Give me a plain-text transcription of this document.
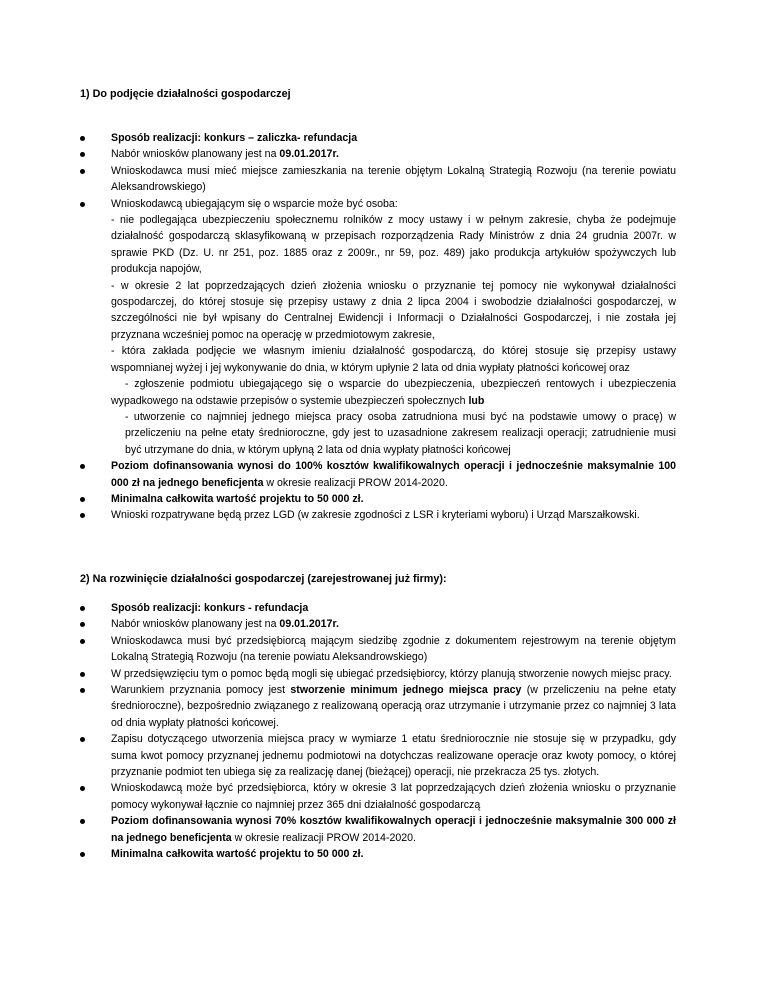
1) Do podjęcie działalności gospodarczej
Sposób realizacji: konkurs – zaliczka- refundacja
Nabór wniosków planowany jest na 09.01.2017r.
Wnioskodawca musi mieć miejsce zamieszkania na terenie objętym Lokalną Strategią Rozwoju (na terenie powiatu Aleksandrowskiego)
Wnioskodawcą ubiegającym się o wsparcie może być osoba:
- nie podlegająca ubezpieczeniu społecznemu rolników z mocy ustawy i w pełnym zakresie, chyba że podejmuje działalność gospodarczą sklasyfikowaną w przepisach rozporządzenia Rady Ministrów z dnia 24 grudnia 2007r. w sprawie PKD (Dz. U. nr 251, poz. 1885 oraz z 2009r., nr 59, poz. 489) jako produkcja artykułów spożywczych lub produkcja napojów,
- w okresie 2 lat poprzedzających dzień złożenia wniosku o przyznanie tej pomocy nie wykonywał działalności gospodarczej, do której stosuje się przepisy ustawy z dnia 2 lipca 2004 i swobodzie działalności gospodarczej, w szczególności nie był wpisany do Centralnej Ewidencji i Informacji o Działalności Gospodarczej, i nie została jej przyznana wcześniej pomoc na operację w przedmiotowym zakresie,
- która zakłada podjęcie we własnym imieniu działalność gospodarczą, do której stosuje się przepisy ustawy wspomnianej wyżej i jej wykonywanie do dnia, w którym upłynie 2 lata od dnia wypłaty płatności końcowej oraz
- zgłoszenie podmiotu ubiegającego się o wsparcie do ubezpieczenia, ubezpieczeń rentowych i ubezpieczenia wypadkowego na odstawie przepisów o systemie ubezpieczeń społecznych lub
- utworzenie co najmniej jednego miejsca pracy osoba zatrudniona musi być na podstawie umowy o pracę) w przeliczeniu na pełne etaty średnioroczne, gdy jest to uzasadnione zakresem realizacji operacji; zatrudnienie musi być utrzymane do dnia, w którym upłyną 2 lata od dnia wypłaty płatności końcowej
Poziom dofinansowania wynosi do 100% kosztów kwalifikowalnych operacji i jednocześnie maksymalnie 100 000 zł na jednego beneficjenta w okresie realizacji PROW 2014-2020.
Minimalna całkowita wartość projektu to 50 000 zł.
Wnioski rozpatrywane będą przez LGD (w zakresie zgodności z LSR i kryteriami wyboru) i Urząd Marszałkowski.
2) Na rozwinięcie działalności gospodarczej (zarejestrowanej już firmy):
Sposób realizacji: konkurs - refundacja
Nabór wniosków planowany jest na 09.01.2017r.
Wnioskodawca musi być przedsiębiorcą mającym siedzibę zgodnie z dokumentem rejestrowym na terenie objętym Lokalną Strategią Rozwoju (na terenie powiatu Aleksandrowskiego)
W przedsięwzięciu tym o pomoc będą mogli się ubiegać przedsiębiorcy, którzy planują stworzenie nowych miejsc pracy.
Warunkiem przyznania pomocy jest stworzenie minimum jednego miejsca pracy (w przeliczeniu na pełne etaty średnioroczne), bezpośrednio związanego z realizowaną operacją oraz utrzymanie i utrzymanie przez co najmniej 3 lata od dnia wypłaty płatności końcowej.
Zapisu dotyczącego utworzenia miejsca pracy w wymiarze 1 etatu średniorocznie nie stosuje się w przypadku, gdy suma kwot pomocy przyznanej jednemu podmiotowi na dotychczas realizowane operacje oraz kwoty pomocy, o której przyznanie podmiot ten ubiega się za realizację danej (bieżącej) operacji, nie przekracza 25 tys. złotych.
Wnioskodawcą może być przedsiębiorca, który w okresie 3 lat poprzedzających dzień złożenia wniosku o przyznanie pomocy wykonywał łącznie co najmniej przez 365 dni działalność gospodarczą
Poziom dofinansowania wynosi 70% kosztów kwalifikowalnych operacji i jednocześnie maksymalnie 300 000 zł na jednego beneficjenta w okresie realizacji PROW 2014-2020.
Minimalna całkowita wartość projektu to 50 000 zł.
